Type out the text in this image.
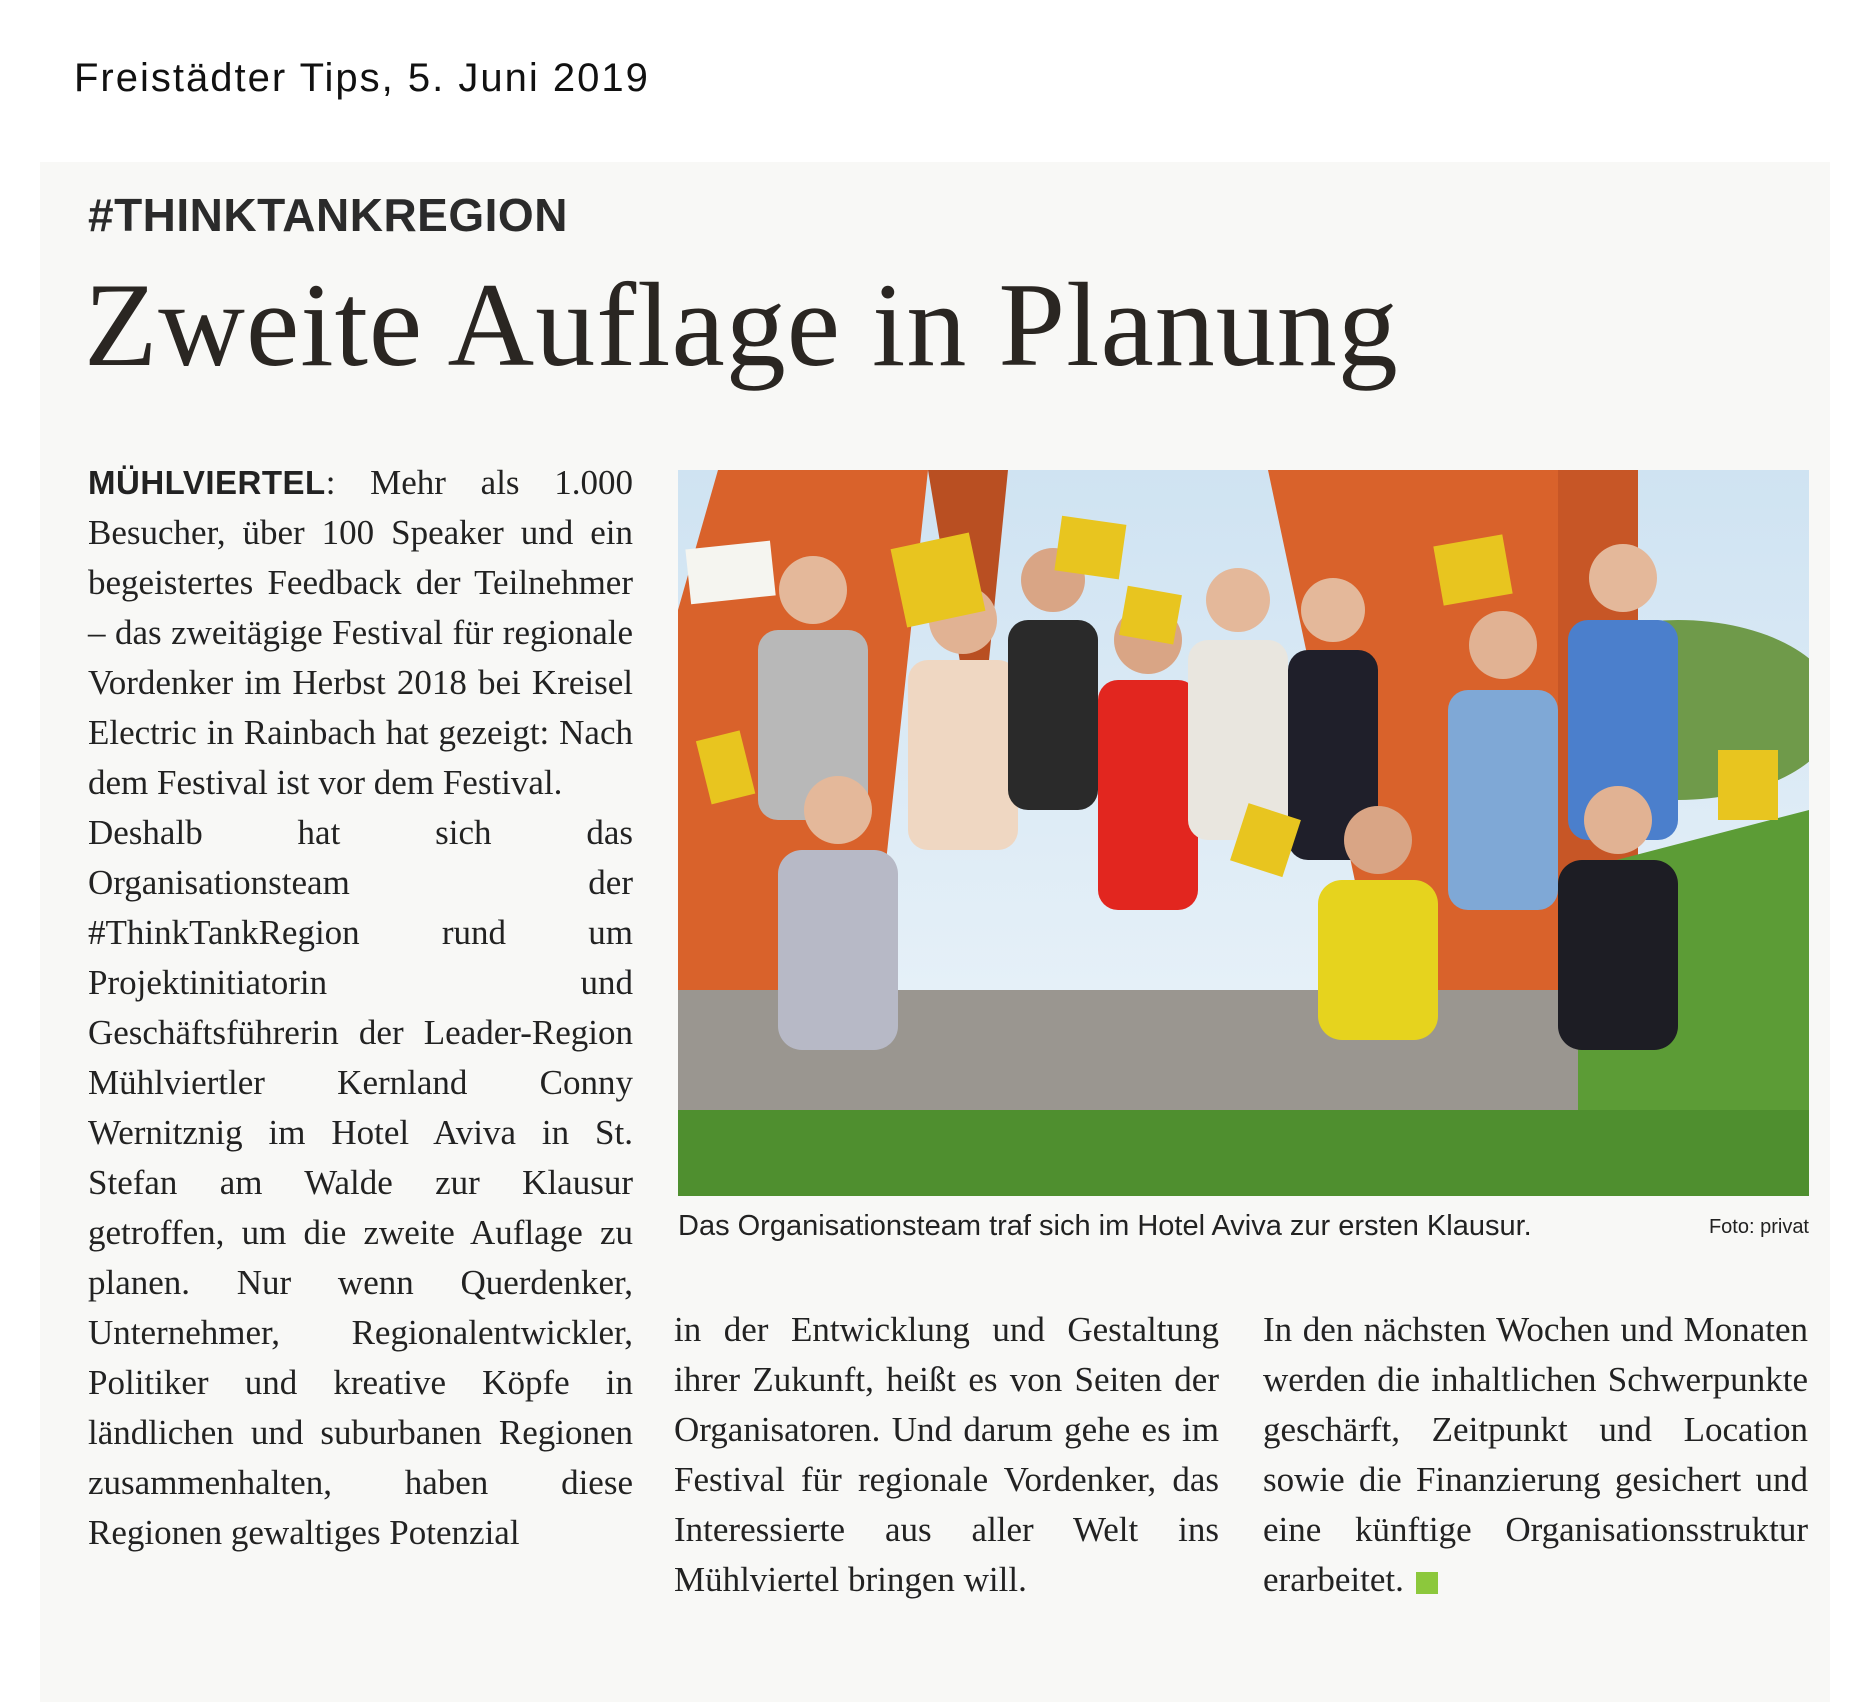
Freistädter Tips, 5. Juni 2019
#THINKTANKREGION
Zweite Auflage in Planung

MÜHLVIERTEL: Mehr als 1.000 Besucher, über 100 Speaker und ein begeistertes Feedback der Teilnehmer – das zweitägige Festival für regionale Vordenker im Herbst 2018 bei Kreisel Electric in Rainbach hat gezeigt: Nach dem Festival ist vor dem Festival.

Deshalb hat sich das Organisationsteam der #ThinkTankRegion rund um Projektinitiatorin und Geschäftsführerin der Leader-Region Mühlviertler Kernland Conny Wernitznig im Hotel Aviva in St. Stefan am Walde zur Klausur getroffen, um die zweite Auflage zu planen. Nur wenn Querdenker, Unternehmer, Regionalentwickler, Politiker und kreative Köpfe in ländlichen und suburbanen Regionen zusammenhalten, haben diese Regionen gewaltiges Potenzial

Das Organisationsteam traf sich im Hotel Aviva zur ersten Klausur.	Foto: privat

in der Entwicklung und Gestaltung ihrer Zukunft, heißt es von Seiten der Organisatoren. Und darum gehe es im Festival für regionale Vordenker, das Interessierte aus aller Welt ins Mühlviertel bringen will.

In den nächsten Wochen und Monaten werden die inhaltlichen Schwerpunkte geschärft, Zeitpunkt und Location sowie die Finanzierung gesichert und eine künftige Organisationsstruktur erarbeitet.
